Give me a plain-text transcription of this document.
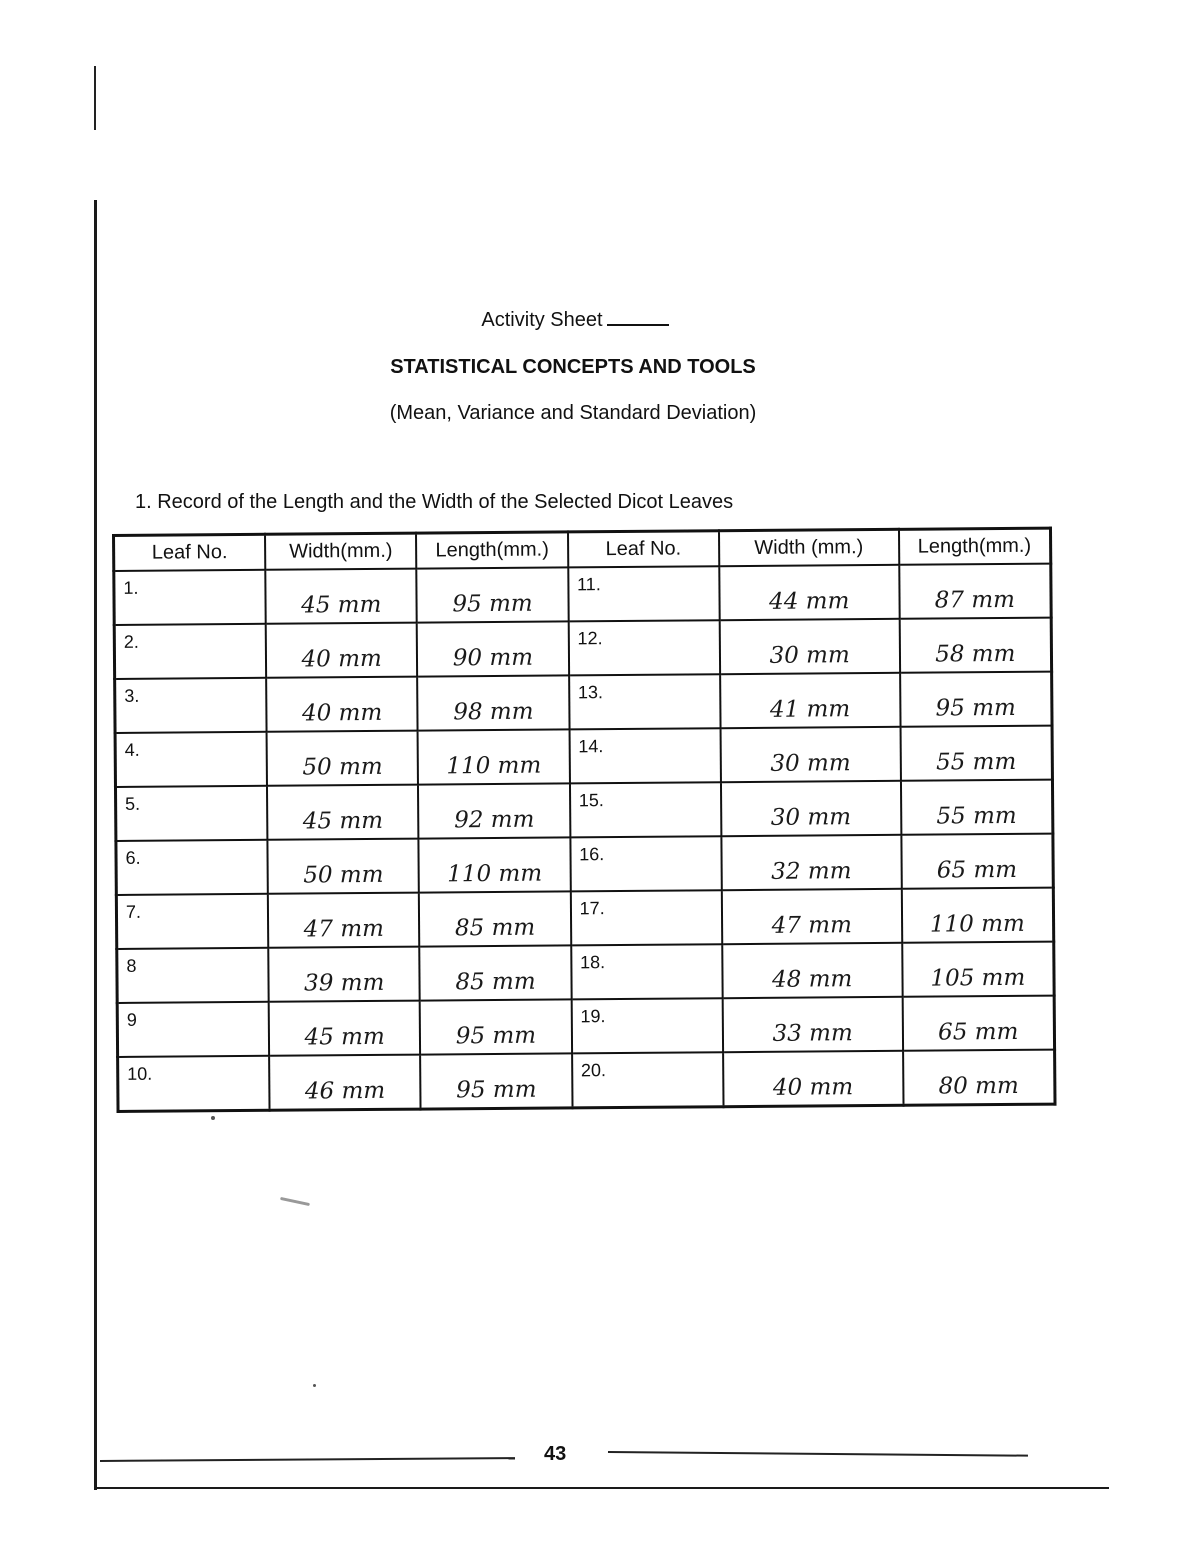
Activity Sheet
STATISTICAL CONCEPTS AND TOOLS
(Mean, Variance and Standard Deviation)
1. Record of the Length and the Width of the Selected Dicot Leaves
Leaf No.	Width(mm.)	Length(mm.)	Leaf No.	Width (mm.)	Length(mm.)
1.	45 mm	95 mm	11.	44 mm	87 mm
2.	40 mm	90 mm	12.	30 mm	58 mm
3.	40 mm	98 mm	13.	41 mm	95 mm
4.	50 mm	110 mm	14.	30 mm	55 mm
5.	45 mm	92 mm	15.	30 mm	55 mm
6.	50 mm	110 mm	16.	32 mm	65 mm
7.	47 mm	85 mm	17.	47 mm	110 mm
8	39 mm	85 mm	18.	48 mm	105 mm
9	45 mm	95 mm	19.	33 mm	65 mm
10.	46 mm	95 mm	20.	40 mm	80 mm
43
